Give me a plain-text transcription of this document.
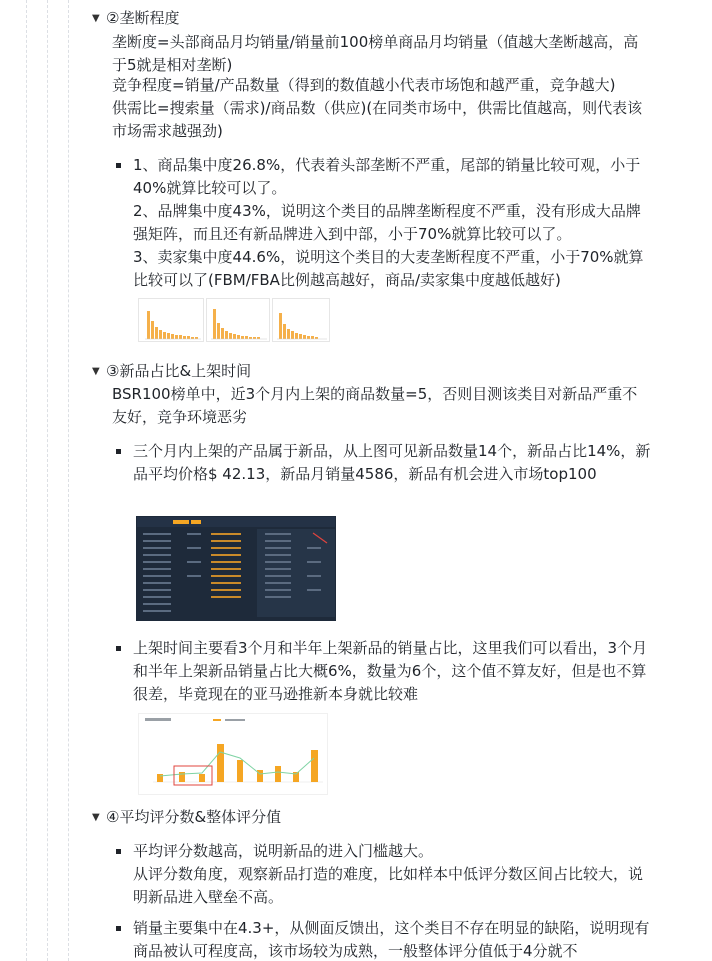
▼ ②垄断程度
垄断度=头部商品月均销量/销量前100榜单商品月均销量（值越大垄断越高，高于5就是相对垄断)
竞争程度=销量/产品数量（得到的数值越小代表市场饱和越严重，竞争越大)
供需比=搜索量（需求)/商品数（供应)(在同类市场中，供需比值越高，则代表该市场需求越强劲)
1、商品集中度26.8%，代表着头部垄断不严重，尾部的销量比较可观，小于40%就算比较可以了。
2、品牌集中度43%，说明这个类目的品牌垄断程度不严重，没有形成大品牌强矩阵，而且还有新品牌进入到中部，小于70%就算比较可以了。
3、卖家集中度44.6%，说明这个类目的大麦垄断程度不严重，小于70%就算比较可以了(FBM/FBA比例越高越好，商品/卖家集中度越低越好)
▼ ③新品占比&上架时间
BSR100榜单中，近3个月内上架的商品数量=5，否则目测该类目对新品严重不友好，竞争环境恶劣
三个月内上架的产品属于新品，从上图可见新品数量14个，新品占比14%，新品平均价格$ 42.13，新品月销量4586，新品有机会进入市场top100
上架时间主要看3个月和半年上架新品的销量占比，这里我们可以看出，3个月和半年上架新品销量占比大概6%，数量为6个，这个值不算友好，但是也不算很差，毕竟现在的亚马逊推新本身就比较难
▼ ④平均评分数&整体评分值
平均评分数越高，说明新品的进入门槛越大。
从评分数角度，观察新品打造的难度，比如样本中低评分数区间占比较大，说明新品进入壁垒不高。
销量主要集中在4.3+，从侧面反馈出，这个类目不存在明显的缺陷，说明现有商品被认可程度高，该市场较为成熟，一般整体评分值低于4分就不
